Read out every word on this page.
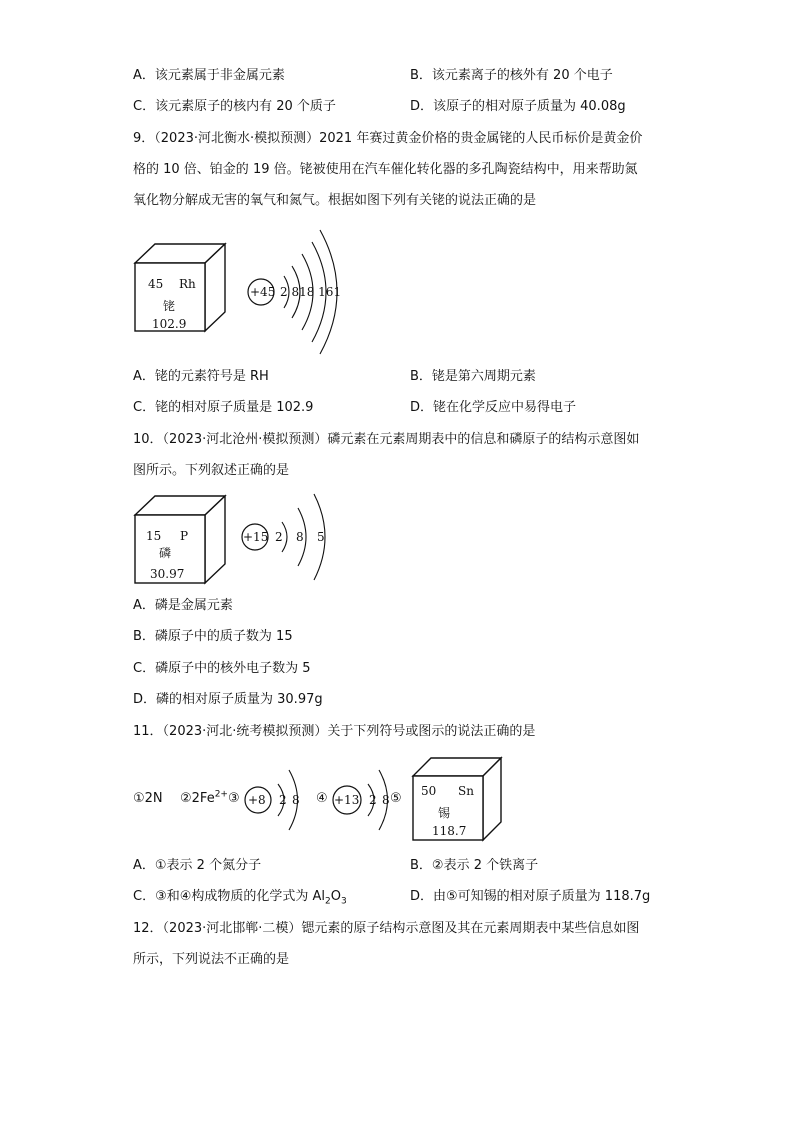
A．该元素属于非金属元素	B．该元素离子的核外有 20 个电子
C．该元素原子的核内有 20 个质子	D．该原子的相对原子质量为 40.08g
9．（2023·河北衡水·模拟预测）2021 年赛过黄金价格的贵金属铑的人民币标价是黄金价
格的 10 倍、铂金的 19 倍。铑被使用在汽车催化转化器的多孔陶瓷结构中，用来帮助氮
氧化物分解成无害的氧气和氮气。根据如图下列有关铑的说法正确的是
45 Rh
铑
102.9
+45 2 818 161
A．铑的元素符号是 RH	B．铑是第六周期元素
C．铑的相对原子质量是 102.9	D．铑在化学反应中易得电子
10．（2023·河北沧州·模拟预测）磷元素在元素周期表中的信息和磷原子的结构示意图如
图所示。下列叙述正确的是
15 P
磷
30.97
+15 2 8 5
A．磷是金属元素
B．磷原子中的质子数为 15
C．磷原子中的核外电子数为 5
D．磷的相对原子质量为 30.97g
11．（2023·河北·统考模拟预测）关于下列符号或图示的说法正确的是
①2N $②2Fe^{2+}$ ③ +8 2 8 ④ +13 2 8 ⑤ 50 Sn
锡
118.7
A．①表示 2 个氮分子	B．②表示 2 个铁离子
C．③和④构成物质的化学式为 $Al_2O_3$	D．由⑤可知锡的相对原子质量为 118.7g
12．（2023·河北邯郸·二模）锶元素的原子结构示意图及其在元素周期表中某些信息如图
所示，下列说法不正确的是
